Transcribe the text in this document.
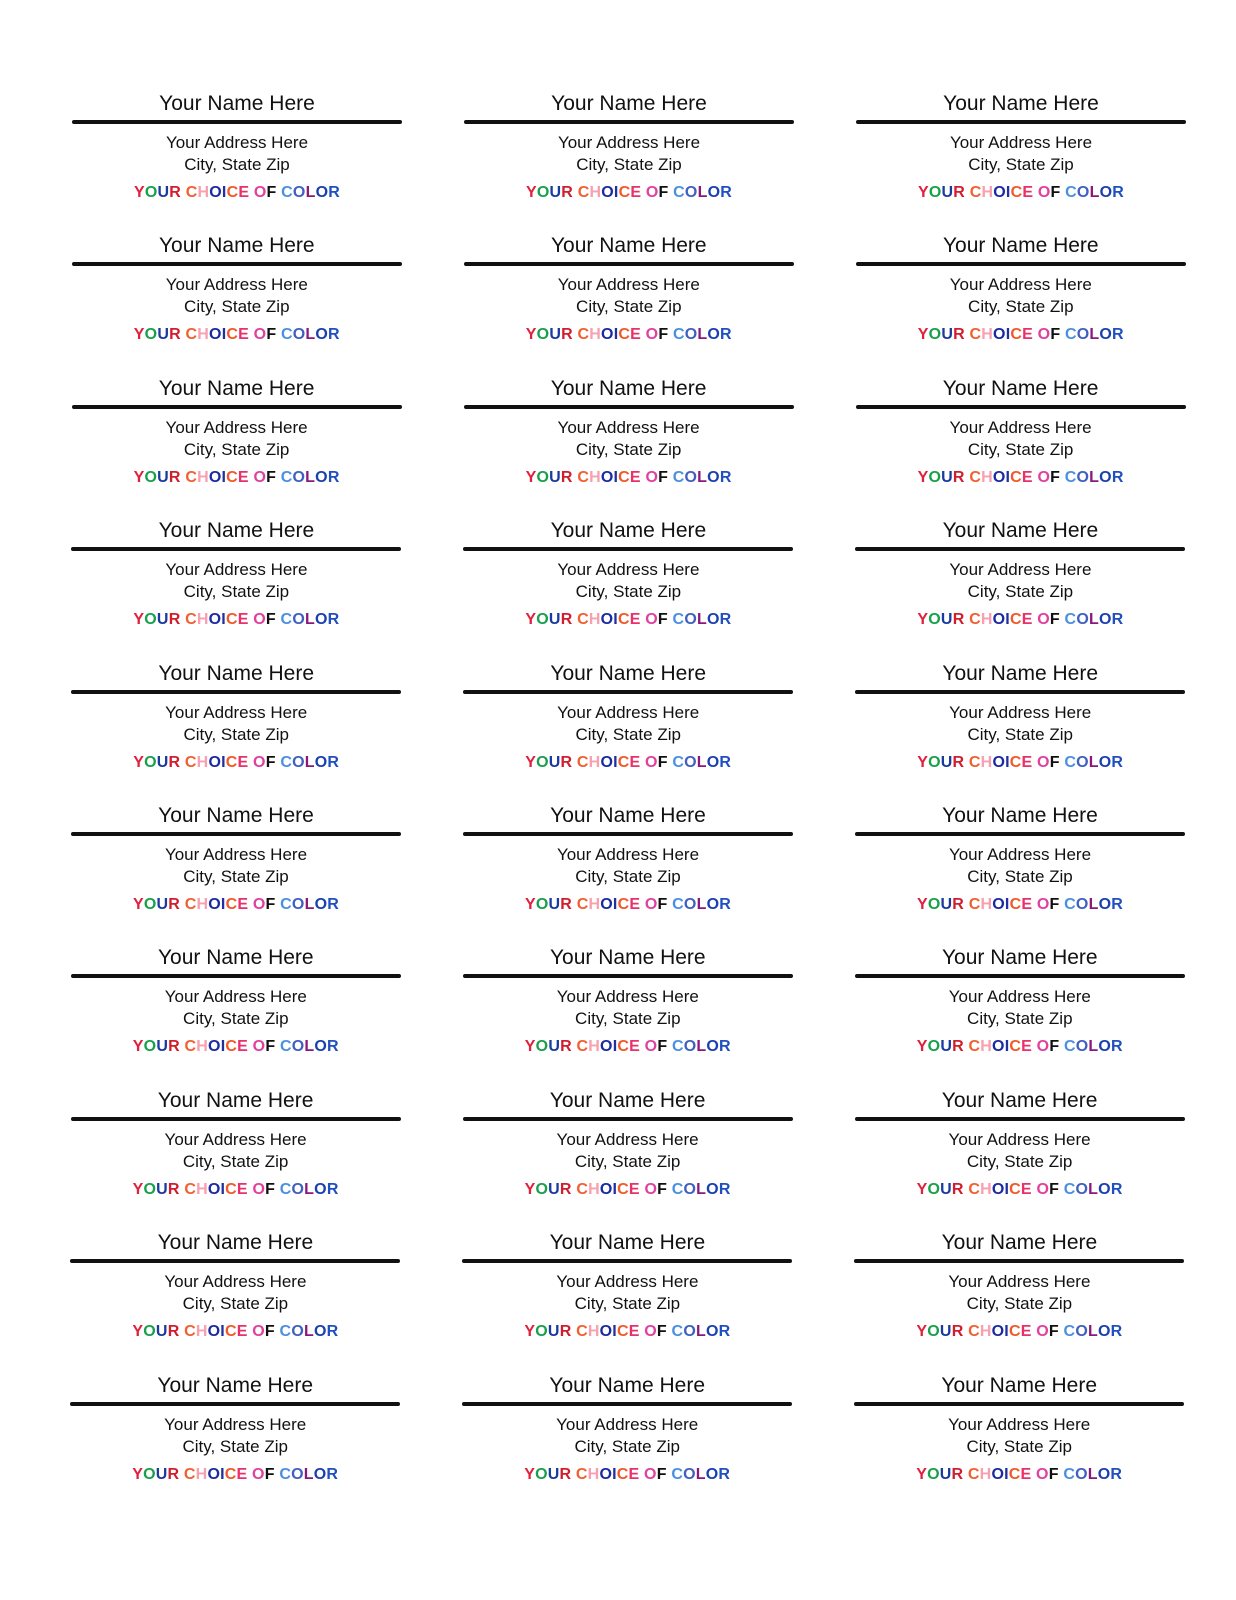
Your Name Here
Your Address Here
City, State Zip
YOUR CHOICE OF COLOR
Your Name Here
Your Address Here
City, State Zip
YOUR CHOICE OF COLOR
Your Name Here
Your Address Here
City, State Zip
YOUR CHOICE OF COLOR
Your Name Here
Your Address Here
City, State Zip
YOUR CHOICE OF COLOR
Your Name Here
Your Address Here
City, State Zip
YOUR CHOICE OF COLOR
Your Name Here
Your Address Here
City, State Zip
YOUR CHOICE OF COLOR
Your Name Here
Your Address Here
City, State Zip
YOUR CHOICE OF COLOR
Your Name Here
Your Address Here
City, State Zip
YOUR CHOICE OF COLOR
Your Name Here
Your Address Here
City, State Zip
YOUR CHOICE OF COLOR
Your Name Here
Your Address Here
City, State Zip
YOUR CHOICE OF COLOR
Your Name Here
Your Address Here
City, State Zip
YOUR CHOICE OF COLOR
Your Name Here
Your Address Here
City, State Zip
YOUR CHOICE OF COLOR
Your Name Here
Your Address Here
City, State Zip
YOUR CHOICE OF COLOR
Your Name Here
Your Address Here
City, State Zip
YOUR CHOICE OF COLOR
Your Name Here
Your Address Here
City, State Zip
YOUR CHOICE OF COLOR
Your Name Here
Your Address Here
City, State Zip
YOUR CHOICE OF COLOR
Your Name Here
Your Address Here
City, State Zip
YOUR CHOICE OF COLOR
Your Name Here
Your Address Here
City, State Zip
YOUR CHOICE OF COLOR
Your Name Here
Your Address Here
City, State Zip
YOUR CHOICE OF COLOR
Your Name Here
Your Address Here
City, State Zip
YOUR CHOICE OF COLOR
Your Name Here
Your Address Here
City, State Zip
YOUR CHOICE OF COLOR
Your Name Here
Your Address Here
City, State Zip
YOUR CHOICE OF COLOR
Your Name Here
Your Address Here
City, State Zip
YOUR CHOICE OF COLOR
Your Name Here
Your Address Here
City, State Zip
YOUR CHOICE OF COLOR
Your Name Here
Your Address Here
City, State Zip
YOUR CHOICE OF COLOR
Your Name Here
Your Address Here
City, State Zip
YOUR CHOICE OF COLOR
Your Name Here
Your Address Here
City, State Zip
YOUR CHOICE OF COLOR
Your Name Here
Your Address Here
City, State Zip
YOUR CHOICE OF COLOR
Your Name Here
Your Address Here
City, State Zip
YOUR CHOICE OF COLOR
Your Name Here
Your Address Here
City, State Zip
YOUR CHOICE OF COLOR
